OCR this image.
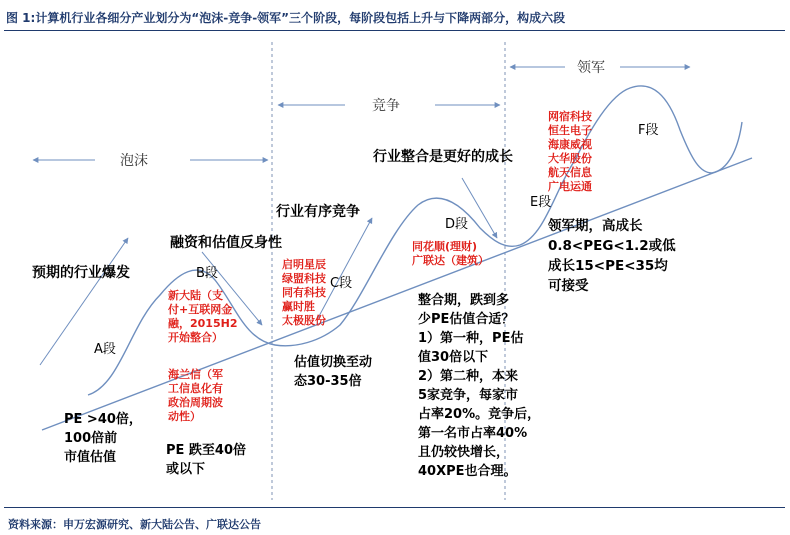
图 1:计算机行业各细分产业划分为“泡沫-竞争-领军”三个阶段，每阶段包括上升与下降两部分，构成六段
泡沫
竞争
领军
A段
B段
C段
D段
E段
F段
预期的行业爆发
融资和估值反身性
行业有序竞争
行业整合是更好的成长
新大陆（支
付+互联网金
融，2015H2
开始整合）
海兰信（军
工信息化有
政治周期波
动性）
启明星辰
绿盟科技
同有科技
赢时胜
太极股份
同花顺(理财)
广联达（建筑）
网宿科技
恒生电子
海康威视
大华股份
航天信息
广电运通
PE >40倍，
100倍前
市值估值	PE 跌至40倍
或以下
估值切换至动
态30-35倍
整合期，跌到多
少PE估值合适？
1）第一种，PE估
值30倍以下
2）第二种，本来
5家竞争，每家市
占率20%。竞争后，
第一名市占率40%
且仍较快增长，
40XPE也合理。
领军期，高成长
0.8<PEG<1.2或低
成长15<PE<35均
可接受
资料来源：申万宏源研究、新大陆公告、广联达公告
